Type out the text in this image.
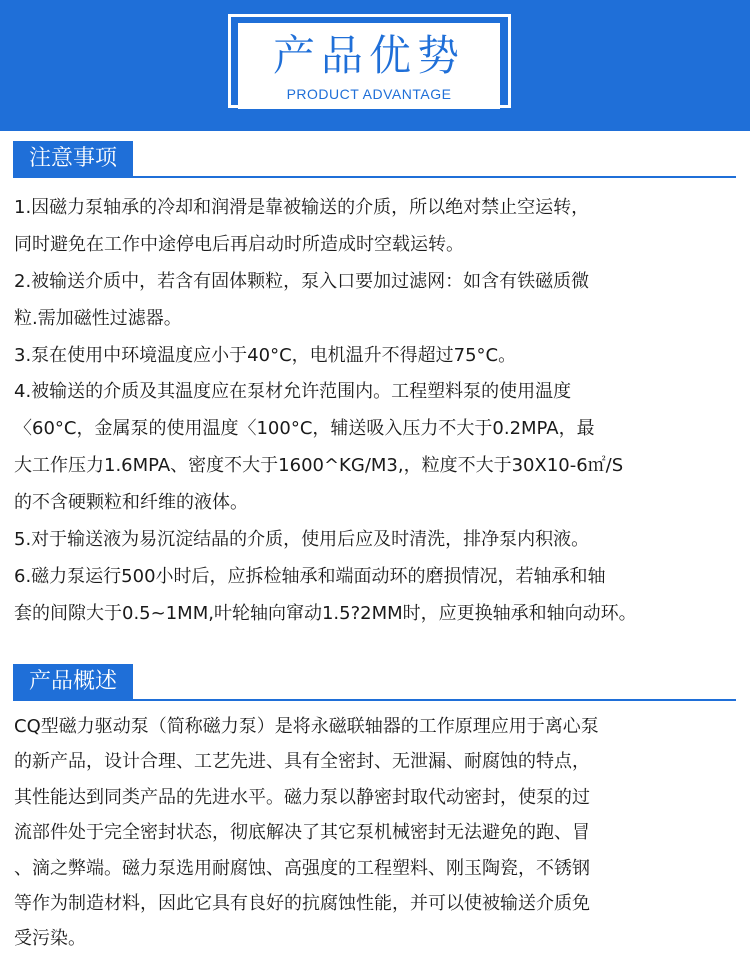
产品优势
PRODUCT ADVANTAGE
注意事项
1.因磁力泵轴承的冷却和润滑是靠被输送的介质，所以绝对禁止空运转，
同时避免在工作中途停电后再启动时所造成时空载运转。
2.被输送介质中，若含有固体颗粒，泵入口要加过滤网：如含有铁磁质微
粒.需加磁性过滤器。
3.泵在使用中环境温度应小于40°C，电机温升不得超过75°C。
4.被输送的介质及其温度应在泵材允许范围内。工程塑料泵的使用温度
〈60°C，金属泵的使用温度〈100°C，辅送吸入压力不大于0.2MPA，最
大工作压力1.6MPA、密度不大于1600^KG/M3,，粒度不大于30X10-6㎡/S
的不含硬颗粒和纤维的液体。
5.对于输送液为易沉淀结晶的介质，使用后应及时清洗，排净泵内积液。
6.磁力泵运行500小时后，应拆检轴承和端面动环的磨损情况，若轴承和轴
套的间隙大于0.5~1MM,叶轮轴向窜动1.5?2MM时，应更换轴承和轴向动环。
产品概述
CQ型磁力驱动泵（简称磁力泵）是将永磁联轴器的工作原理应用于离心泵
的新产品，设计合理、工艺先进、具有全密封、无泄漏、耐腐蚀的特点，
其性能达到同类产品的先进水平。磁力泵以静密封取代动密封，使泵的过
流部件处于完全密封状态，彻底解决了其它泵机械密封无法避免的跑、冒
、滴之弊端。磁力泵选用耐腐蚀、高强度的工程塑料、刚玉陶瓷，不锈钢
等作为制造材料，因此它具有良好的抗腐蚀性能，并可以使被输送介质免
受污染。
